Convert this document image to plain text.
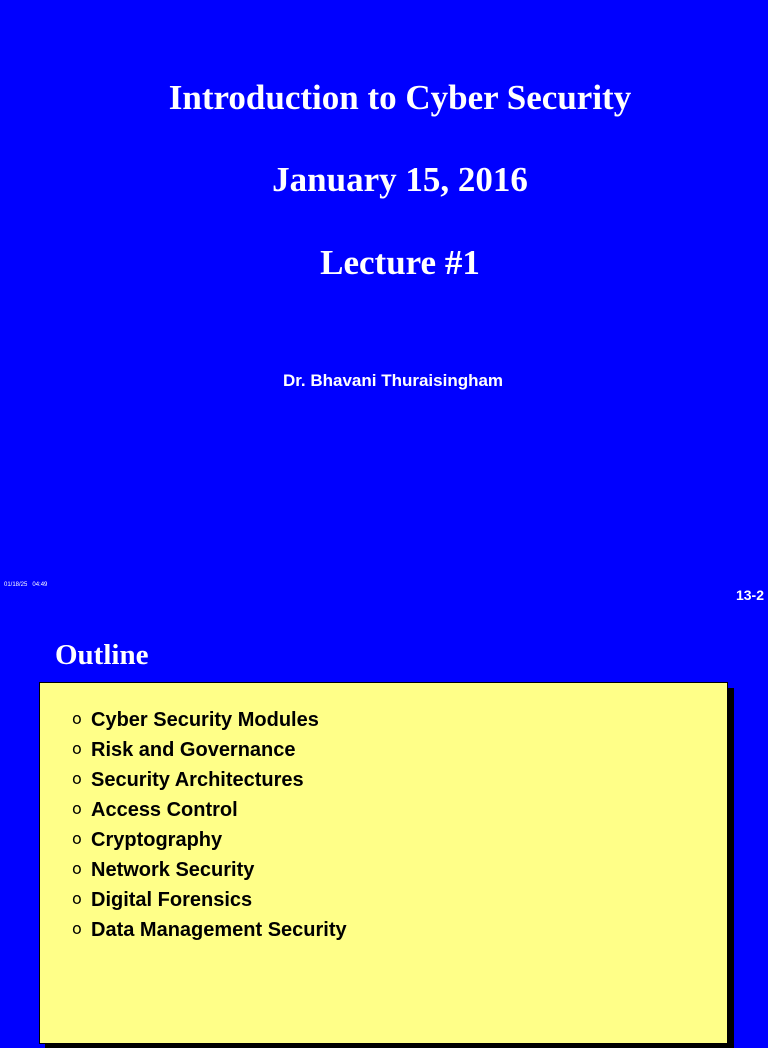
Introduction to Cyber Security
January 15, 2016
Lecture #1
Dr. Bhavani Thuraisingham
01/18/25   04:49
13-2
Outline
o Cyber Security Modules
o Risk and Governance
o Security Architectures
o Access Control
o Cryptography
o Network Security
o Digital Forensics
o Data Management Security
